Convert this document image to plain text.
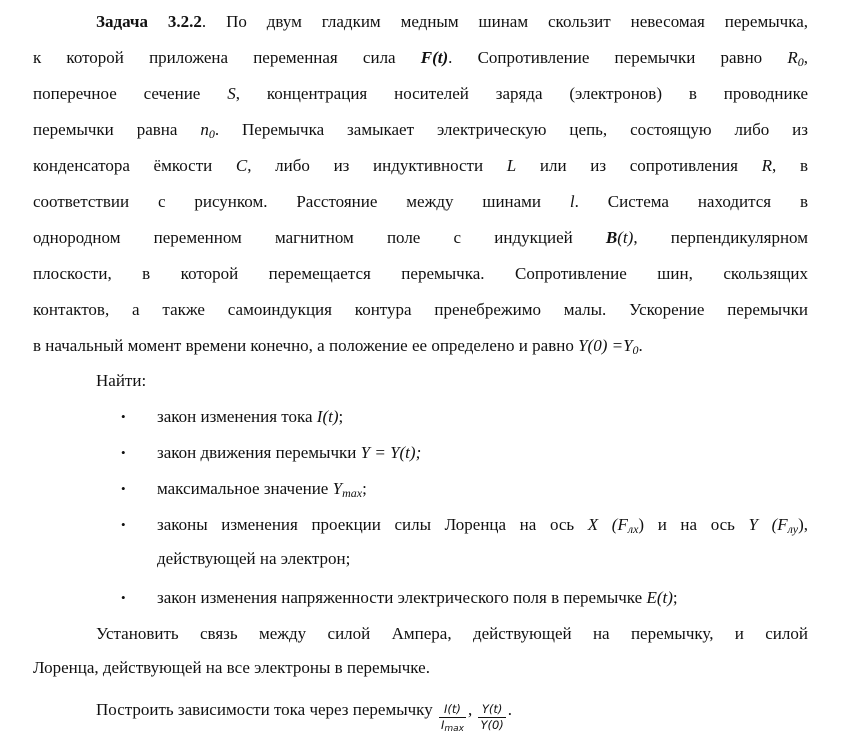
Задача 3.2.2. По двум гладким медным шинам скользит невесомая перемычка,
к которой приложена переменная сила F(t). Сопротивление перемычки равно $R_0$,
поперечное сечение S, концентрация носителей заряда (электронов) в проводнике
перемычки равна $n_0$. Перемычка замыкает электрическую цепь, состоящую либо из
конденсатора ёмкости C, либо из индуктивности L или из сопротивления R, в
соответствии с рисунком. Расстояние между шинами l. Система находится в
однородном переменном магнитном поле с индукцией B(t), перпендикулярном
плоскости, в которой перемещается перемычка. Сопротивление шин, скользящих
контактов, а также самоиндукция контура пренебрежимо малы. Ускорение перемычки
в начальный момент времени конечно, а положение ее определено и равно $Y(0) =Y_0$.
Найти:
•	закон изменения тока I(t);
•	закон движения перемычки Y = Y(t);
•	максимальное значение $Y_{max}$;
•	законы изменения проекции силы Лоренца на ось X $(F_{лх})$ и на ось Y $(F_{лу})$,
действующей на электрон;
•	закон изменения напряженности электрического поля в перемычке E(t);
Установить связь между силой Ампера, действующей на перемычку, и силой
Лоренца, действующей на все электроны в перемычке.
Построить зависимости тока через перемычку $\frac{I(t)}{I_{max}}$ , $\frac{Y(t)}{Y(0)}$ .
